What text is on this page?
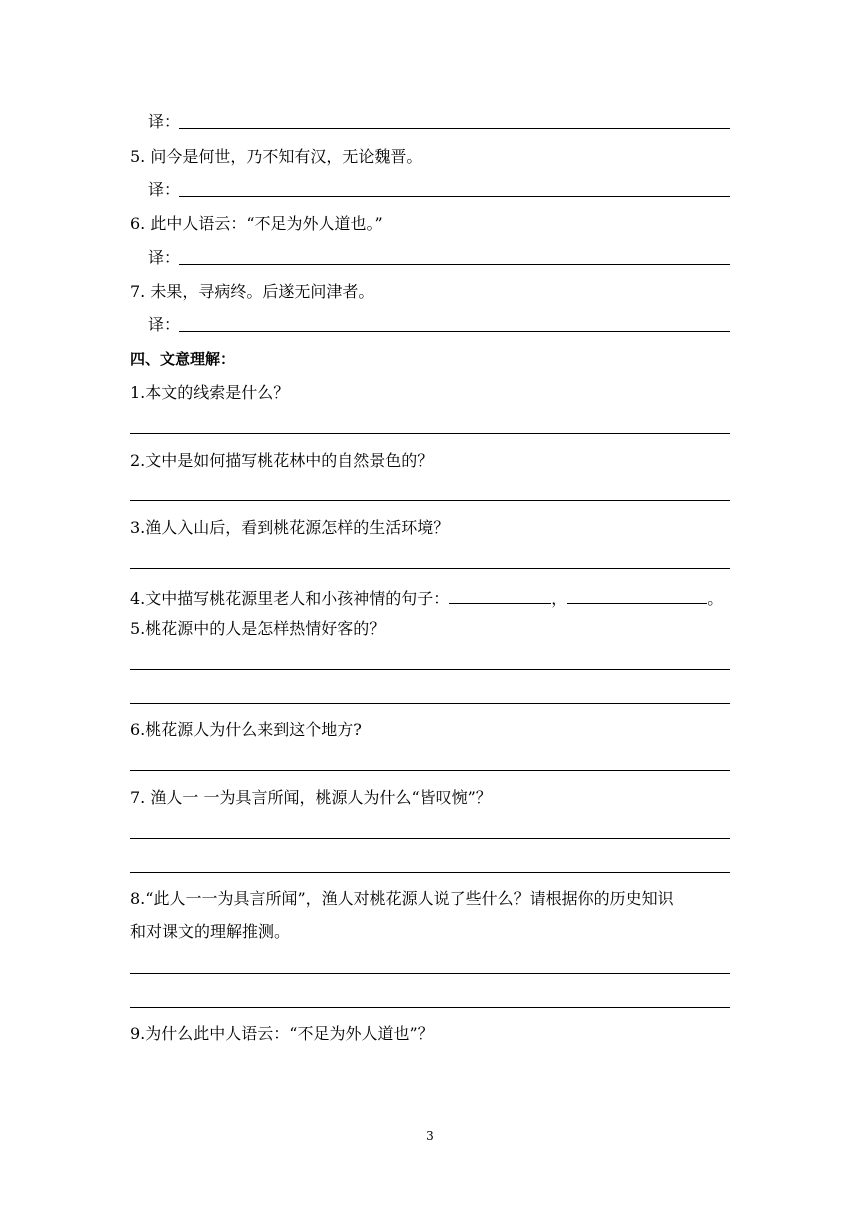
译：
5. 问今是何世，乃不知有汉，无论魏晋。
译：
6. 此中人语云：“不足为外人道也。”
译：
7. 未果，寻病终。后遂无问津者。
译：
四、文意理解：
1.本文的线索是什么？
2.文中是如何描写桃花林中的自然景色的？
3.渔人入山后，看到桃花源怎样的生活环境？
4.文中描写桃花源里老人和小孩神情的句子：	，	。
5.桃花源中的人是怎样热情好客的？
6.桃花源人为什么来到这个地方?
7. 渔人一 一为具言所闻，桃源人为什么“皆叹惋”？
8.“此人一一为具言所闻”，渔人对桃花源人说了些什么？请根据你的历史知识
和对课文的理解推测。
9.为什么此中人语云：“不足为外人道也”？
3
